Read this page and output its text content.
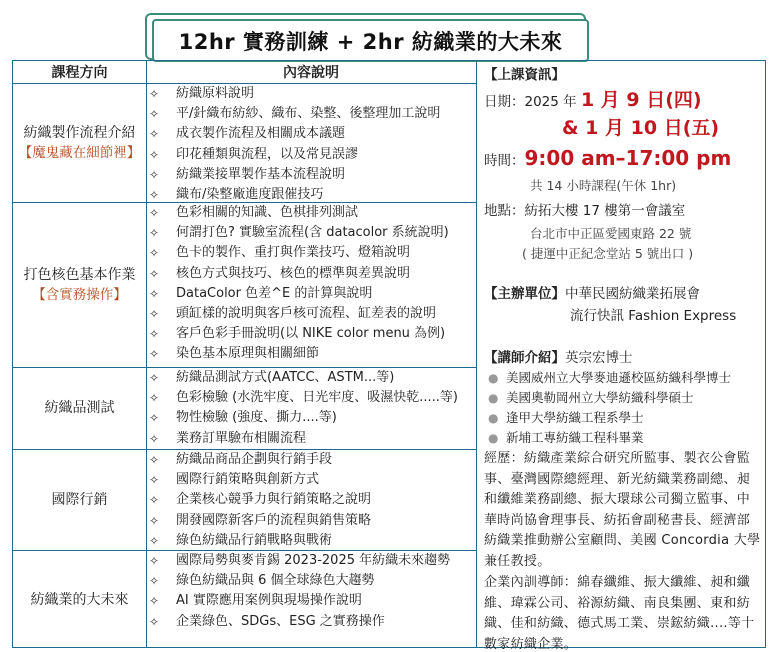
12hr 實務訓練 + 2hr 紡織業的大未來
課程方向	內容說明
紡織製作流程介紹
【魔鬼藏在細節裡】
✧ 紡織原料說明
✧ 平/針織布紡紗、織布、染整、後整理加工說明
✧ 成衣製作流程及相關成本議題
✧ 印花種類與流程，以及常見誤謬
✧ 紡織業接單製作基本流程說明
✧ 織布/染整廠進度跟催技巧
打色核色基本作業
【含實務操作】
✧ 色彩相關的知識、色棋排列測試
✧ 何謂打色? 實驗室流程(含 datacolor 系統說明)
✧ 色卡的製作、重打與作業技巧、燈箱說明
✧ 核色方式與技巧、核色的標準與差異說明
✧ DataColor 色差^E 的計算與說明
✧ 頭缸樣的說明與客戶核可流程、缸差表的說明
✧ 客戶色彩手冊說明(以 NIKE color menu 為例)
✧ 染色基本原理與相關細節
紡織品測試
✧ 紡織品測試方式(AATCC、ASTM...等)
✧ 色彩檢驗 (水洗牢度、日光牢度、吸濕快乾.....等)
✧ 物性檢驗 (強度、撕力....等)
✧ 業務訂單驗布相關流程
國際行銷
✧ 紡織品商品企劃與行銷手段
✧ 國際行銷策略與創新方式
✧ 企業核心競爭力與行銷策略之說明
✧ 開發國際新客戶的流程與銷售策略
✧ 綠色紡織品行銷戰略與戰術
紡織業的大未來
✧ 國際局勢與麥肯錫 2023-2025 年紡織未來趨勢
✧ 綠色紡織品與 6 個全球綠色大趨勢
✧ AI 實際應用案例與現場操作說明
✧ 企業綠色、SDGs、ESG 之實務操作
【上課資訊】
日期：2025 年 1 月 9 日(四)
& 1 月 10 日(五)
時間：9:00 am–17:00 pm
共 14 小時課程(午休 1hr)
地點：紡拓大樓 17 樓第一會議室
台北市中正區愛國東路 22 號
( 捷運中正紀念堂站 5 號出口 )
【主辦單位】中華民國紡織業拓展會
流行快訊 Fashion Express
【講師介紹】英宗宏博士
● 美國威州立大學麥迪遜校區紡織科學博士
● 美國奧勒岡州立大學紡織科學碩士
● 逢甲大學紡織工程系學士
● 新埔工專紡織工程科畢業
經歷：紡織產業綜合研究所監事、製衣公會監事、臺灣國際總經理、新光紡織業務副總、昶和纖維業務副總、振大環球公司獨立監事、中華時尚協會理事長、紡拓會副秘書長、經濟部紡織業推動辦公室顧問、美國 Concordia 大學兼任教授。
企業內訓導師：綿春纖維、振大纖維、昶和纖維、瑋霖公司、裕源紡織、南良集團、東和紡織、佳和紡織、德式馬工業、崇鋐紡織....等十數家紡織企業。
